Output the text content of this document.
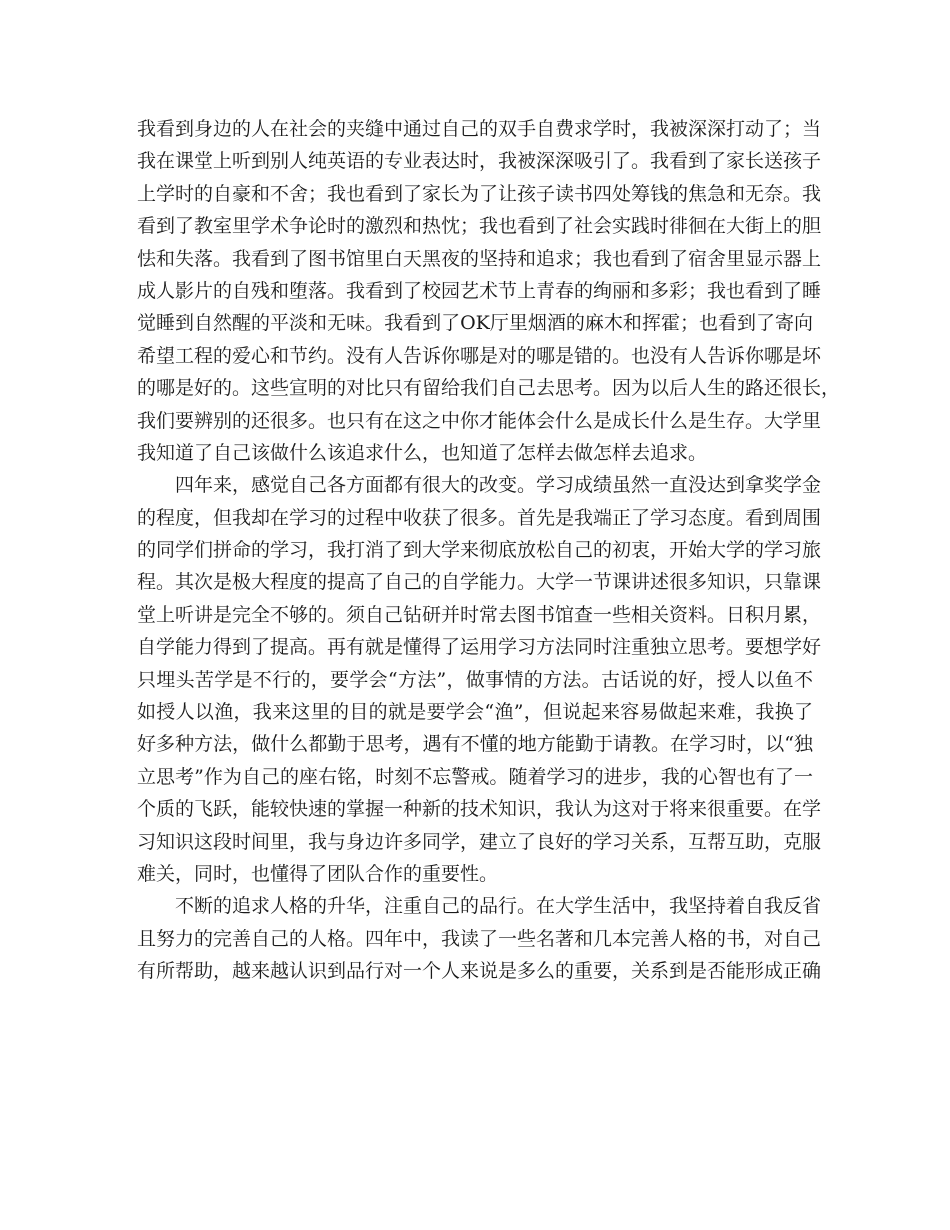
我看到身边的人在社会的夹缝中通过自己的双手自费求学时，我被深深打动了；当
我在课堂上听到别人纯英语的专业表达时，我被深深吸引了。我看到了家长送孩子
上学时的自豪和不舍；我也看到了家长为了让孩子读书四处筹钱的焦急和无奈。我
看到了教室里学术争论时的激烈和热忱；我也看到了社会实践时徘徊在大街上的胆
怯和失落。我看到了图书馆里白天黑夜的坚持和追求；我也看到了宿舍里显示器上
成人影片的自残和堕落。我看到了校园艺术节上青春的绚丽和多彩；我也看到了睡
觉睡到自然醒的平淡和无味。我看到了OK厅里烟酒的麻木和挥霍；也看到了寄向
希望工程的爱心和节约。没有人告诉你哪是对的哪是错的。也没有人告诉你哪是坏
的哪是好的。这些宣明的对比只有留给我们自己去思考。因为以后人生的路还很长，
我们要辨别的还很多。也只有在这之中你才能体会什么是成长什么是生存。大学里
我知道了自己该做什么该追求什么，也知道了怎样去做怎样去追求。
四年来，感觉自己各方面都有很大的改变。学习成绩虽然一直没达到拿奖学金
的程度，但我却在学习的过程中收获了很多。首先是我端正了学习态度。看到周围
的同学们拼命的学习，我打消了到大学来彻底放松自己的初衷，开始大学的学习旅
程。其次是极大程度的提高了自己的自学能力。大学一节课讲述很多知识，只靠课
堂上听讲是完全不够的。须自己钻研并时常去图书馆查一些相关资料。日积月累，
自学能力得到了提高。再有就是懂得了运用学习方法同时注重独立思考。要想学好
只埋头苦学是不行的，要学会“方法”，做事情的方法。古话说的好，授人以鱼不
如授人以渔，我来这里的目的就是要学会“渔”，但说起来容易做起来难，我换了
好多种方法，做什么都勤于思考，遇有不懂的地方能勤于请教。在学习时，以“独
立思考”作为自己的座右铭，时刻不忘警戒。随着学习的进步，我的心智也有了一
个质的飞跃，能较快速的掌握一种新的技术知识，我认为这对于将来很重要。在学
习知识这段时间里，我与身边许多同学，建立了良好的学习关系，互帮互助，克服
难关，同时，也懂得了团队合作的重要性。
不断的追求人格的升华，注重自己的品行。在大学生活中，我坚持着自我反省
且努力的完善自己的人格。四年中，我读了一些名著和几本完善人格的书，对自己
有所帮助，越来越认识到品行对一个人来说是多么的重要，关系到是否能形成正确
